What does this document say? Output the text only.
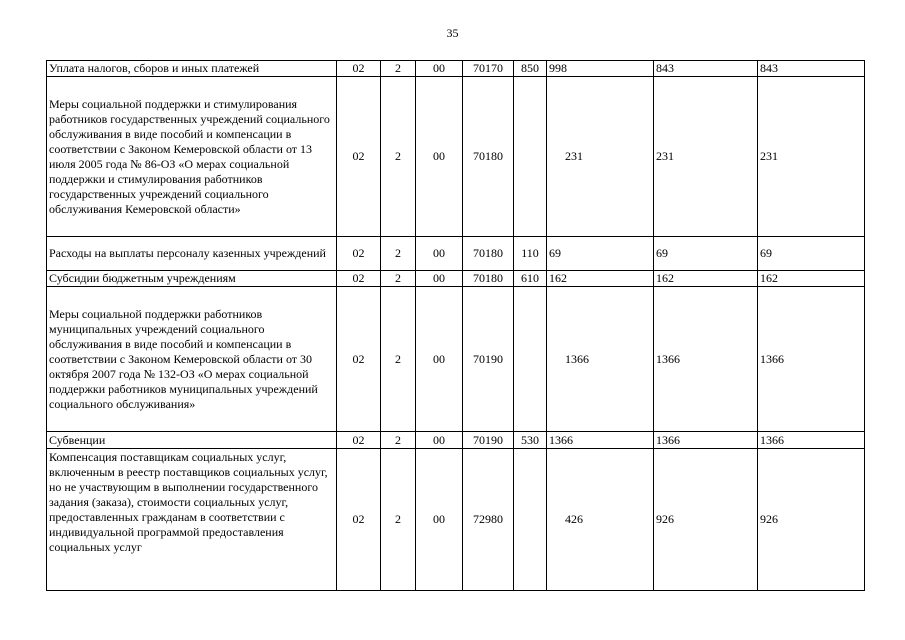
35
Уплата налогов, сборов и иных платежей	02	2	00	70170	850	998	843	843
Меры социальной поддержки и стимулирования работников государственных учреждений социального обслуживания в виде пособий и компенсации в соответствии с Законом Кемеровской области от 13 июля 2005 года № 86-ОЗ «О мерах социальной поддержки и стимулирования работников государственных учреждений социального обслуживания Кемеровской области»	02	2	00	70180		231	231	231
Расходы на выплаты персоналу казенных учреждений	02	2	00	70180	110	69	69	69
Субсидии бюджетным учреждениям	02	2	00	70180	610	162	162	162
Меры социальной поддержки работников муниципальных учреждений социального обслуживания в виде пособий и компенсации в соответствии с Законом Кемеровской области от 30 октября 2007 года № 132-ОЗ «О мерах социальной поддержки работников муниципальных учреждений социального обслуживания»	02	2	00	70190		1366	1366	1366
Субвенции	02	2	00	70190	530	1366	1366	1366
Компенсация поставщикам социальных услуг, включенным в реестр поставщиков социальных услуг, но не участвующим в выполнении государственного задания (заказа), стоимости социальных услуг, предоставленных гражданам в соответствии с индивидуальной программой предоставления социальных услуг	02	2	00	72980		426	926	926
